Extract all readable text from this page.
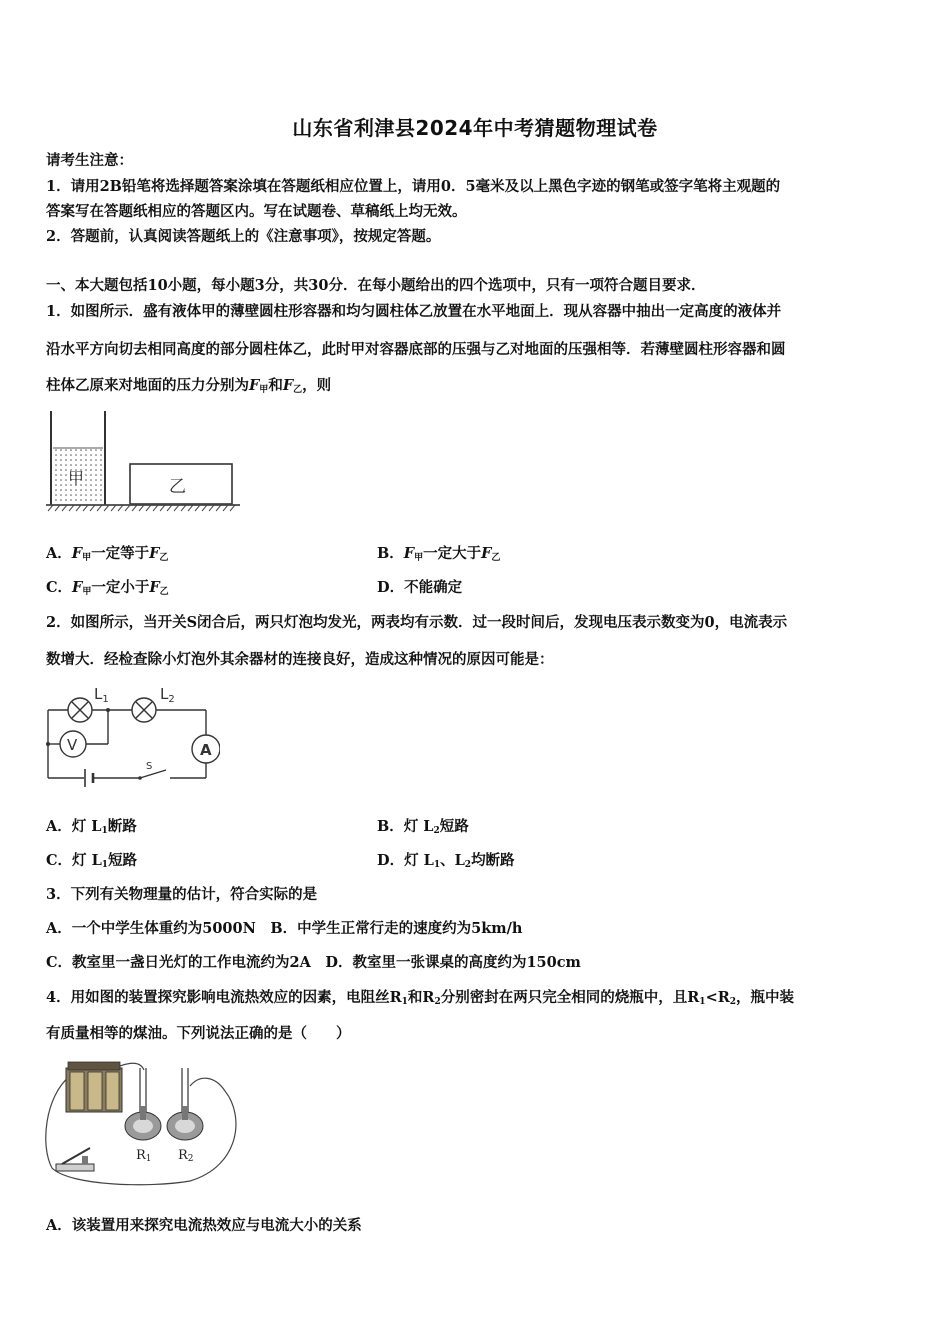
山东省利津县2024年中考猜题物理试卷
请考生注意：
1．请用2B铅笔将选择题答案涂填在答题纸相应位置上，请用0．5毫米及以上黑色字迹的钢笔或签字笔将主观题的
答案写在答题纸相应的答题区内。写在试题卷、草稿纸上均无效。
2．答题前，认真阅读答题纸上的《注意事项》，按规定答题。
一、本大题包括10小题，每小题3分，共30分．在每小题给出的四个选项中，只有一项符合题目要求．
1．如图所示．盛有液体甲的薄壁圆柱形容器和均匀圆柱体乙放置在水平地面上．现从容器中抽出一定高度的液体并
沿水平方向切去相同高度的部分圆柱体乙，此时甲对容器底部的压强与乙对地面的压强相等．若薄壁圆柱形容器和圆
柱体乙原来对地面的压力分别为$F_甲$和$F_乙$，则
甲	乙
A．$F_甲$一定等于$F_乙$	B．$F_甲$一定大于$F_乙$
C．$F_甲$一定小于$F_乙$	D．不能确定
2．如图所示，当开关S闭合后，两只灯泡均发光，两表均有示数．过一段时间后，发现电压表示数变为0，电流表示
数增大．经检查除小灯泡外其余器材的连接良好，造成这种情况的原因可能是：
$L_1$	$L_2$
V	A
S
A．灯 $L_1$断路	B．灯 $L_2$短路
C．灯 $L_1$短路	D．灯 $L_1$、$L_2$均断路
3．下列有关物理量的估计，符合实际的是
A．一个中学生体重约为5000N　B．中学生正常行走的速度约为5km/h
C．教室里一盏日光灯的工作电流约为2A　D．教室里一张课桌的高度约为150cm
4．用如图的装置探究影响电流热效应的因素，电阻丝$R_1$和$R_2$分别密封在两只完全相同的烧瓶中，且$R_1<R_2$，瓶中装
有质量相等的煤油。下列说法正确的是（　　）
R1 R2
A．该装置用来探究电流热效应与电流大小的关系
